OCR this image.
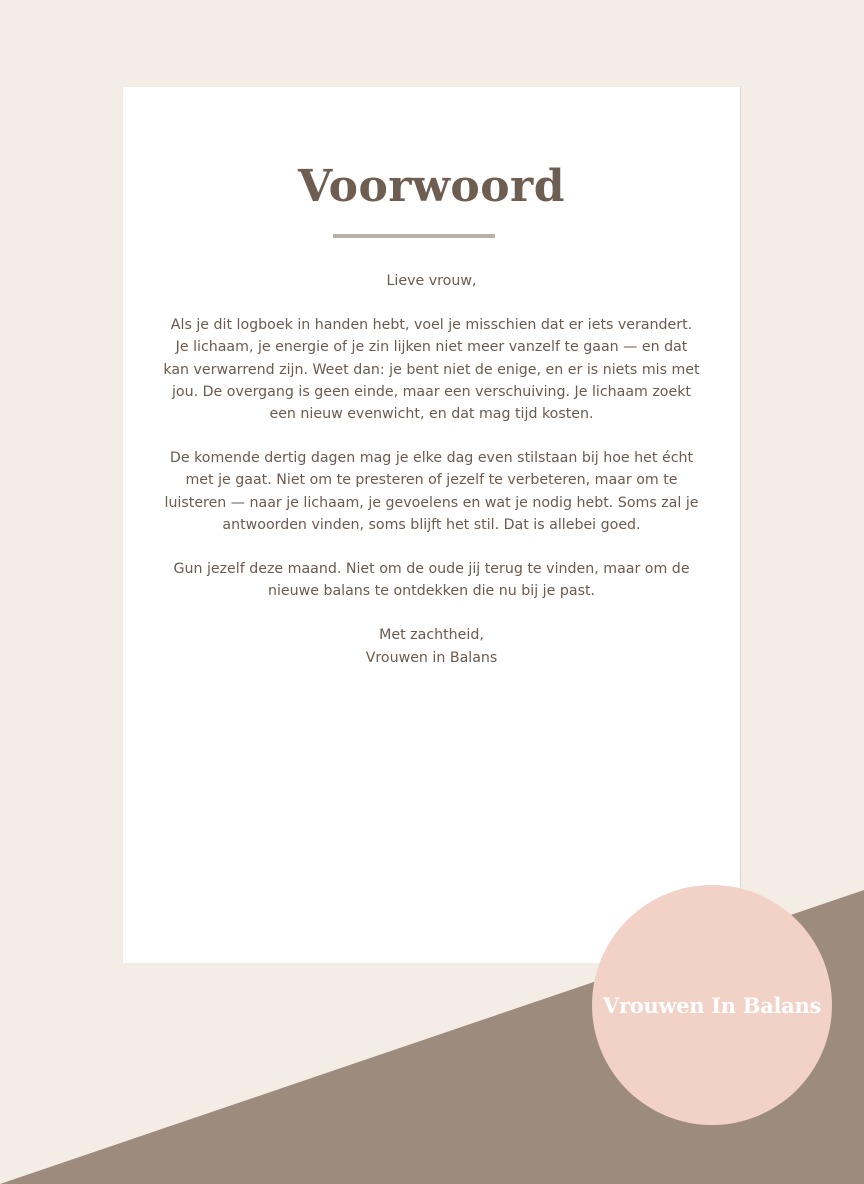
Voorwoord

Lieve vrouw,

Als je dit logboek in handen hebt, voel je misschien dat er iets verandert. Je lichaam, je energie of je zin lijken niet meer vanzelf te gaan — en dat kan verwarrend zijn. Weet dan: je bent niet de enige, en er is niets mis met jou. De overgang is geen einde, maar een verschuiving. Je lichaam zoekt een nieuw evenwicht, en dat mag tijd kosten.

De komende dertig dagen mag je elke dag even stilstaan bij hoe het écht met je gaat. Niet om te presteren of jezelf te verbeteren, maar om te luisteren — naar je lichaam, je gevoelens en wat je nodig hebt. Soms zal je antwoorden vinden, soms blijft het stil. Dat is allebei goed.

Gun jezelf deze maand. Niet om de oude jij terug te vinden, maar om de nieuwe balans te ontdekken die nu bij je past.

Met zachtheid,
Vrouwen in Balans

Vrouwen In Balans
